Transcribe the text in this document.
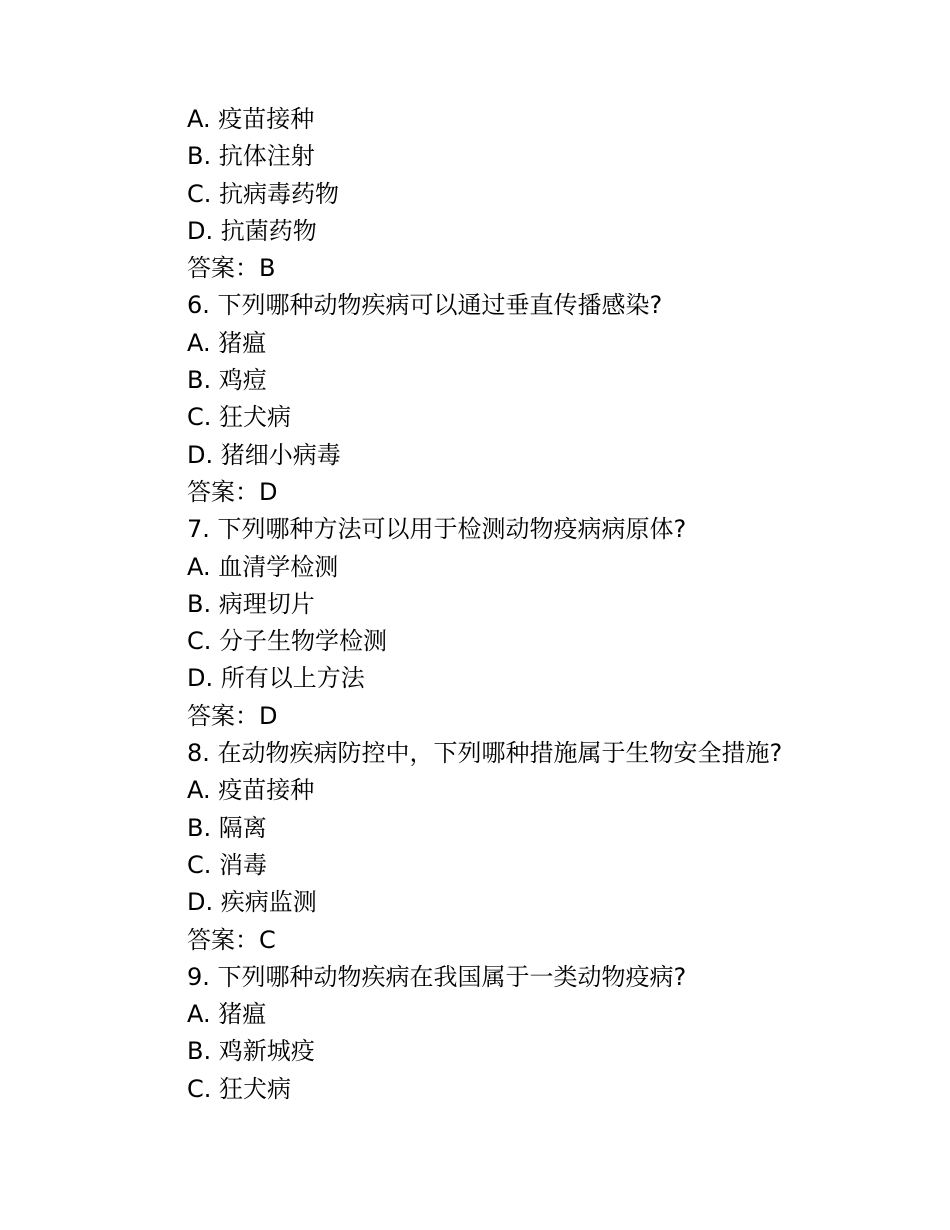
A. 疫苗接种
B. 抗体注射
C. 抗病毒药物
D. 抗菌药物
答案：B
6. 下列哪种动物疾病可以通过垂直传播感染?
A. 猪瘟
B. 鸡痘
C. 狂犬病
D. 猪细小病毒
答案：D
7. 下列哪种方法可以用于检测动物疫病病原体?
A. 血清学检测
B. 病理切片
C. 分子生物学检测
D. 所有以上方法
答案：D
8. 在动物疾病防控中，下列哪种措施属于生物安全措施?
A. 疫苗接种
B. 隔离
C. 消毒
D. 疾病监测
答案：C
9. 下列哪种动物疾病在我国属于一类动物疫病?
A. 猪瘟
B. 鸡新城疫
C. 狂犬病
